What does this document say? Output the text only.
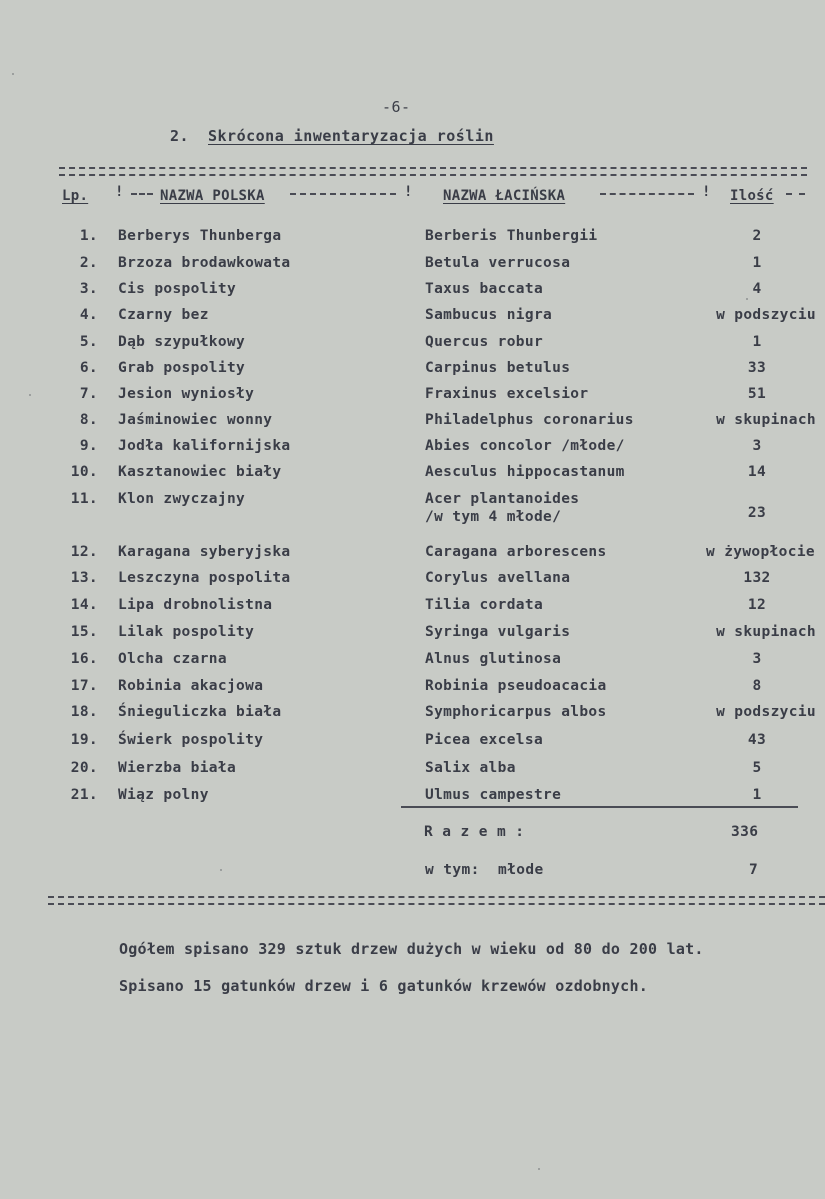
-6-
2. Skrócona inwentaryzacja roślin
Lp. !	NAZWA POLSKA	! NAZWA ŁACIŃSKA	! Ilość
1. Berberys Thunberga	Berberis Thunbergii	2
2. Brzoza brodawkowata	Betula verrucosa	1
3. Cis pospolity	Taxus baccata	4
4. Czarny bez	Sambucus nigra	w podszyciu
5. Dąb szypułkowy	Quercus robur	1
6. Grab pospolity	Carpinus betulus	33
7. Jesion wyniosły	Fraxinus excelsior	51
8. Jaśminowiec wonny	Philadelphus coronarius	w skupinach
9. Jodła kalifornijska	Abies concolor /młode/	3
10. Kasztanowiec biały	Aesculus hippocastanum	14
11. Klon zwyczajny	Acer plantanoides
/w tym 4 młode/	23
12. Karagana syberyjska	Caragana arborescens	w żywopłocie
13. Leszczyna pospolita	Corylus avellana	132
14. Lipa drobnolistna	Tilia cordata	12
15. Lilak pospolity	Syringa vulgaris	w skupinach
16. Olcha czarna	Alnus glutinosa	3
17. Robinia akacjowa	Robinia pseudoacacia	8
18. Śnieguliczka biała	Symphoricarpus albos	w podszyciu
19. Świerk pospolity	Picea excelsa	43
20. Wierzba biała	Salix alba	5
21. Wiąz polny	Ulmus campestre	1
R a z e m :	336
w tym:  młode	7
Ogółem spisano 329 sztuk drzew dużych w wieku od 80 do 200 lat.
Spisano 15 gatunków drzew i 6 gatunków krzewów ozdobnych.
